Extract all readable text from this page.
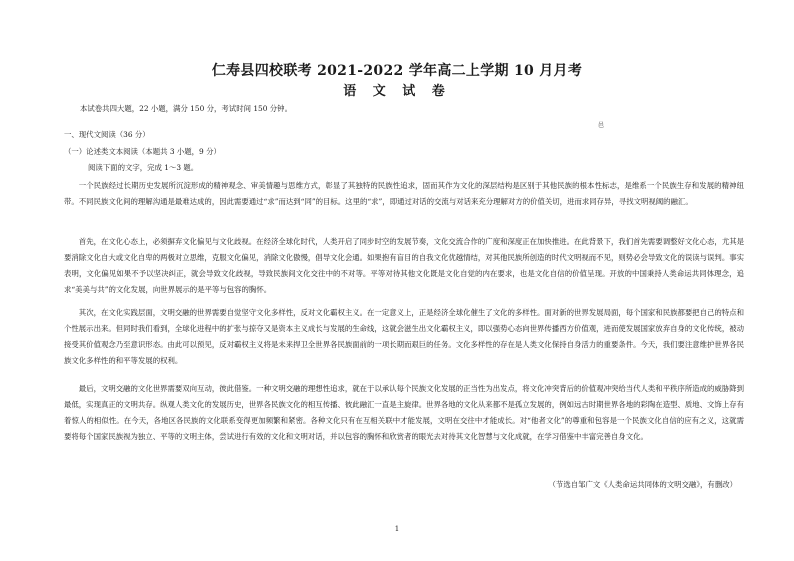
仁寿县四校联考 2021-2022 学年高二上学期 10 月月考
语 文 试 卷
邑
本试卷共四大题，22 小题，满分 150 分，考试时间 150 分钟。
一、现代文阅读（36 分）
（一）论述类文本阅读（本题共 3 小题，9 分）
阅读下面的文字，完成 1～3 题。

一个民族经过长期历史发展所沉淀形成的精神观念、审美情趣与思维方式，彰显了其独特的民族性追求，固而其作为文化的深层结构是区别于其他民族的根本性标志，是维系一个民族生存和发展的精神纽带。不同民族文化间的理解沟通是最难达成的，因此需要通过“求”而达到“同”的目标。这里的“求”，即通过对话的交流与对话来充分理解对方的价值关切，进而求同存异，寻找文明视阈的融汇。

首先，在文化心态上，必须摒弃文化偏见与文化歧视。在经济全球化时代，人类开启了同步时空的发展节奏，文化交流合作的广度和深度正在加快推进。在此背景下，我们首先需要调整好文化心态，尤其是要消除文化自大或文化自卑的两极对立思维，克服文化偏见，消除文化傲慢，倡导文化会通。如果抱有盲目的自我文化优越情结，对其他民族所创造的时代文明视而不见，则势必会导致文化的误读与误判。事实表明，文化偏见如果不予以坚决纠正，就会导致文化歧视，导致民族间文化交往中的不对等。平等对待其他文化既是文化自觉的内在要求，也是文化自信的价值呈现。开放的中国秉持人类命运共同体理念，追求“美美与共”的文化发展，向世界展示的是平等与包容的胸怀。

其次，在文化实践层面，文明交融的世界需要自觉坚守文化多样性，反对文化霸权主义。在一定意义上，正是经济全球化催生了文化的多样性。面对新的世界发展局面，每个国家和民族都要把自己的特点和个性展示出来。但同时我们看到，全球化进程中的扩张与掠夺又是资本主义成长与发展的生命线，这就会滋生出文化霸权主义，即以强势心态向世界传播西方价值观，进而使发展国家放弃自身的文化传统，被动接受其价值观念乃至意识形态。由此可以预见，反对霸权主义将是未来捍卫全世界各民族面前的一项长期而艰巨的任务。文化多样性的存在是人类文化保持自身活力的重要条件。今天，我们要注意维护世界各民族文化多样性的和平等发展的权利。

最后，文明交融的文化世界需要双向互动，彼此借鉴。一种文明交融的理想性追求，就在于以承认每个民族文化发展的正当性为出发点，将文化冲突背后的价值观冲突给当代人类和平秩序所造成的威胁降到最低，实现真正的文明共存。纵观人类文化的发展历史，世界各民族文化的相互传播、彼此融汇一直是主旋律。世界各地的文化从来都不是孤立发展的，例如远古时期世界各地的彩陶在造型、质地、文饰上存有着惊人的相似性。在今天，各地区各民族的文化联系变得更加频繁和紧密。各种文化只有在互相关联中才能发展，文明在交往中才能成长。对“他者文化”的尊重和包容是一个民族文化自信的应有之义，这就需要将每个国家民族视为独立、平等的文明主体，尝试进行有效的文化和文明对话，并以包容的胸怀和欣赏者的眼光去对待其文化智慧与文化成就，在学习借鉴中丰富完善自身文化。

（节选自邹广文《人类命运共同体的文明交融》，有删改）
1
